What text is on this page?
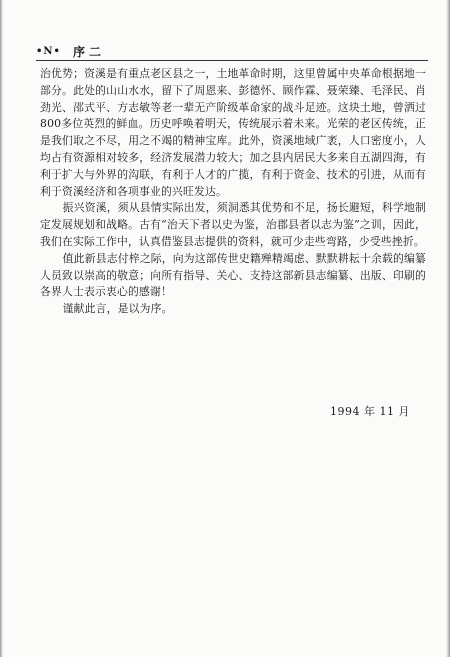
•N• 序二

治优势；资溪是有重点老区县之一，土地革命时期，这里曾属中央革命根据地一部分。此处的山山水水，留下了周恩来、彭德怀、顾作霖、聂荣臻、毛泽民、肖劲光、邵式平、方志敏等老一辈无产阶级革命家的战斗足迹。这块土地，曾洒过800多位英烈的鲜血。历史呼唤着明天，传统展示着未来。光荣的老区传统，正是我们取之不尽，用之不竭的精神宝库。此外，资溪地域广袤，人口密度小，人均占有资源相对较多，经济发展潜力较大；加之县内居民大多来自五湖四海，有利于扩大与外界的沟联，有利于人才的广揽，有利于资金、技术的引进，从而有利于资溪经济和各项事业的兴旺发达。

振兴资溪，须从县情实际出发，须洞悉其优势和不足，扬长避短，科学地制定发展规划和战略。古有“治天下者以史为鉴，治郡县者以志为鉴”之训，因此，我们在实际工作中，认真借鉴县志提供的资料，就可少走些弯路，少受些挫折。

值此新县志付梓之际，向为这部传世史籍殚精竭虑、默默耕耘十余载的编纂人员致以崇高的敬意；向所有指导、关心、支持这部新县志编纂、出版、印刷的各界人士表示衷心的感谢！

谨献此言，是以为序。

1994 年 11 月
